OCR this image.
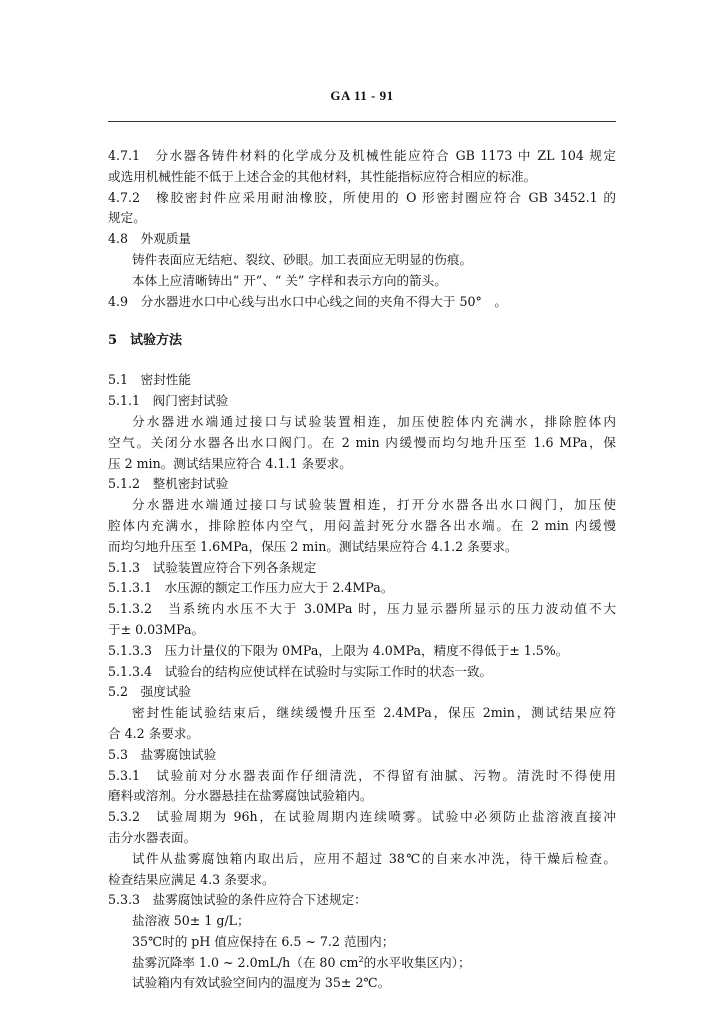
GA 11 - 91
4.7.1　分水器各铸件材料的化学成分及机械性能应符合 GB 1173 中 ZL 104 规定
或选用机械性能不低于上述合金的其他材料，其性能指标应符合相应的标准。
4.7.2　橡胶密封件应采用耐油橡胶，所使用的 O 形密封圈应符合 GB 3452.1 的
规定。
4.8　外观质量
铸件表面应无结疤、裂纹、砂眼。加工表面应无明显的伤痕。
本体上应清晰铸出“ 开”、“ 关” 字样和表示方向的箭头。
4.9　分水器进水口中心线与出水口中心线之间的夹角不得大于 50°　。
5　试验方法
5.1　密封性能
5.1.1　阀门密封试验
分水器进水端通过接口与试验装置相连，加压使腔体内充满水，排除腔体内
空气。关闭分水器各出水口阀门。在 2 min 内缓慢而均匀地升压至 1.6 MPa，保
压 2 min。测试结果应符合 4.1.1 条要求。
5.1.2　整机密封试验
分水器进水端通过接口与试验装置相连，打开分水器各出水口阀门，加压使
腔体内充满水，排除腔体内空气，用闷盖封死分水器各出水端。在 2 min 内缓慢
而均匀地升压至 1.6MPa，保压 2 min。测试结果应符合 4.1.2 条要求。
5.1.3　试验装置应符合下列各条规定
5.1.3.1　水压源的额定工作压力应大于 2.4MPa。
5.1.3.2　当系统内水压不大于 3.0MPa 时，压力显示器所显示的压力波动值不大
于± 0.03MPa。
5.1.3.3　压力计量仪的下限为 0MPa，上限为 4.0MPa，精度不得低于± 1.5%。
5.1.3.4　试验台的结构应使试样在试验时与实际工作时的状态一致。
5.2　强度试验
密封性能试验结束后，继续缓慢升压至 2.4MPa，保压 2min，测试结果应符
合 4.2 条要求。
5.3　盐雾腐蚀试验
5.3.1　试验前对分水器表面作仔细清洗，不得留有油腻、污物。清洗时不得使用
磨料或溶剂。分水器悬挂在盐雾腐蚀试验箱内。
5.3.2　试验周期为 96h，在试验周期内连续喷雾。试验中必须防止盐溶液直接冲
击分水器表面。
试件从盐雾腐蚀箱内取出后，应用不超过 38℃的自来水冲洗，待干燥后检查。
检查结果应满足 4.3 条要求。
5.3.3　盐雾腐蚀试验的条件应符合下述规定：
盐溶液 50± 1 g/L；
35℃时的 pH 值应保持在 6.5 ~ 7.2 范围内；
盐雾沉降率 1.0 ~ 2.0mL/h（在 80 $cm^2$的水平收集区内）；
试验箱内有效试验空间内的温度为 35± 2℃。
